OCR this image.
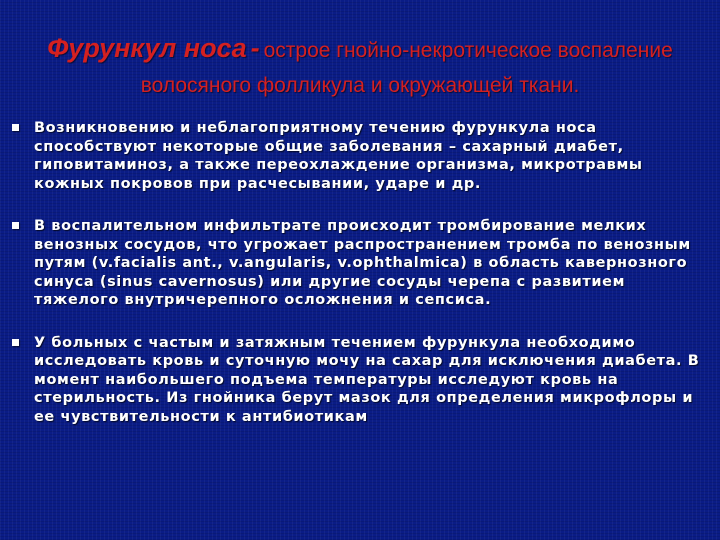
Фурункул носа - острое гнойно-некротическое воспаление волосяного фолликула и окружающей ткани.
Возникновению и неблагоприятному течению фурункула носа способствуют некоторые общие заболевания – сахарный диабет, гиповитаминоз, а также переохлаждение организма, микротравмы кожных покровов при расчесывании, ударе и др.
В воспалительном инфильтрате происходит тромбирование мелких венозных сосудов, что угрожает распространением тромба по венозным путям (v.facialis ant., v.angularis, v.ophthalmica) в область кавернозного синуса (sinus cavernosus) или другие сосуды черепа с развитием тяжелого внутричерепного осложнения и сепсиса.
У больных с частым и затяжным течением фурункула необходимо исследовать кровь и суточную мочу на сахар для исключения диабета. В момент наибольшего подъема температуры исследуют кровь на стерильность. Из гнойника берут мазок для определения микрофлоры и ее чувствительности к антибиотикам
